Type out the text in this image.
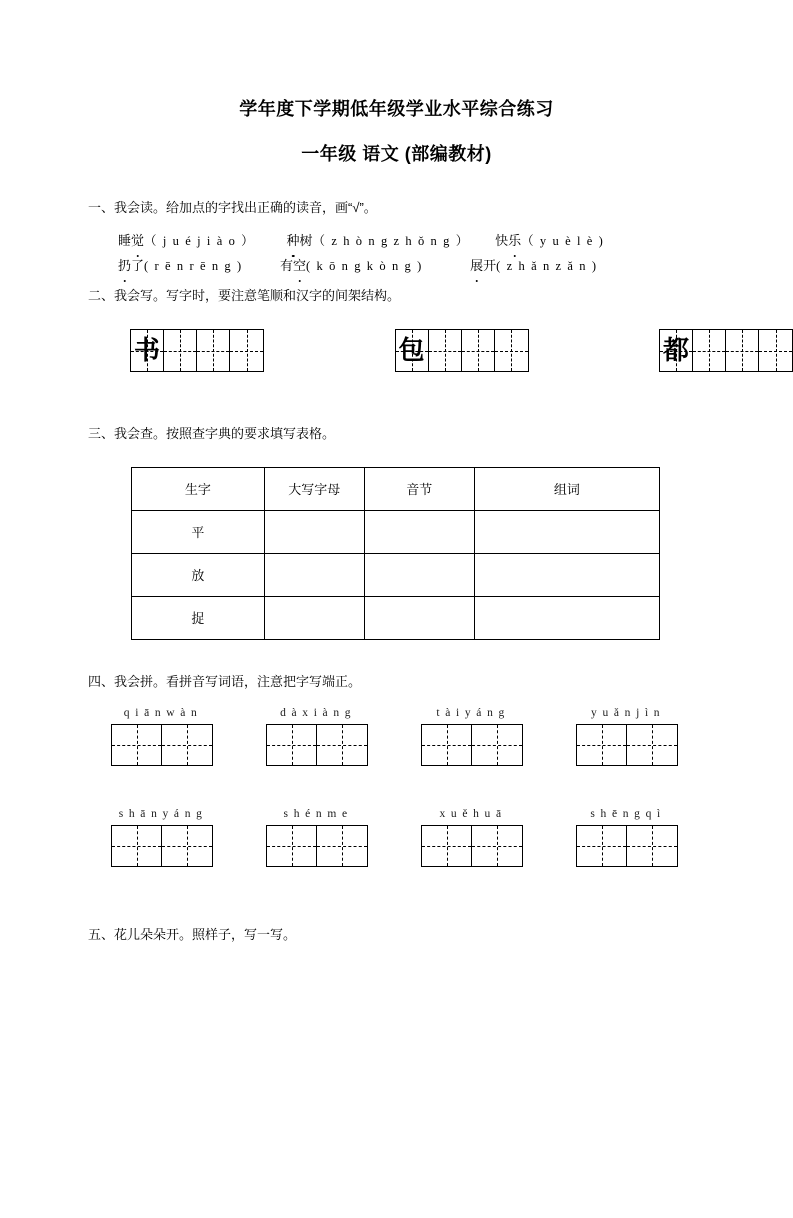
学年度下学期低年级学业水平综合练习
一年级 语文 (部编教材)
一、我会读。给加点的字找出正确的读音，画“√”。
睡觉（ j u é j i à o ） 种树（ z h ò n g z h ǒ n g ） 快乐（ y u è l è )
扔了( r ē n r ē n g )	有空( k ō n g k ò n g )	展开( z h ǎ n z ǎ n )
二、我会写。写字时，要注意笔顺和汉字的间架结构。
书	包	都
三、我会查。按照查字典的要求填写表格。
生字	大写字母	音节	组词
平			
放			
捉			
四、我会拼。看拼音写词语，注意把字写端正。
q i ā n w à n	d à x i à n g	t à i y á n g	y u ǎ n j ì n
s h ā n y á n g	s h é n m e	x u ě h u ā	s h ē n g q ì
五、花儿朵朵开。照样子，写一写。
